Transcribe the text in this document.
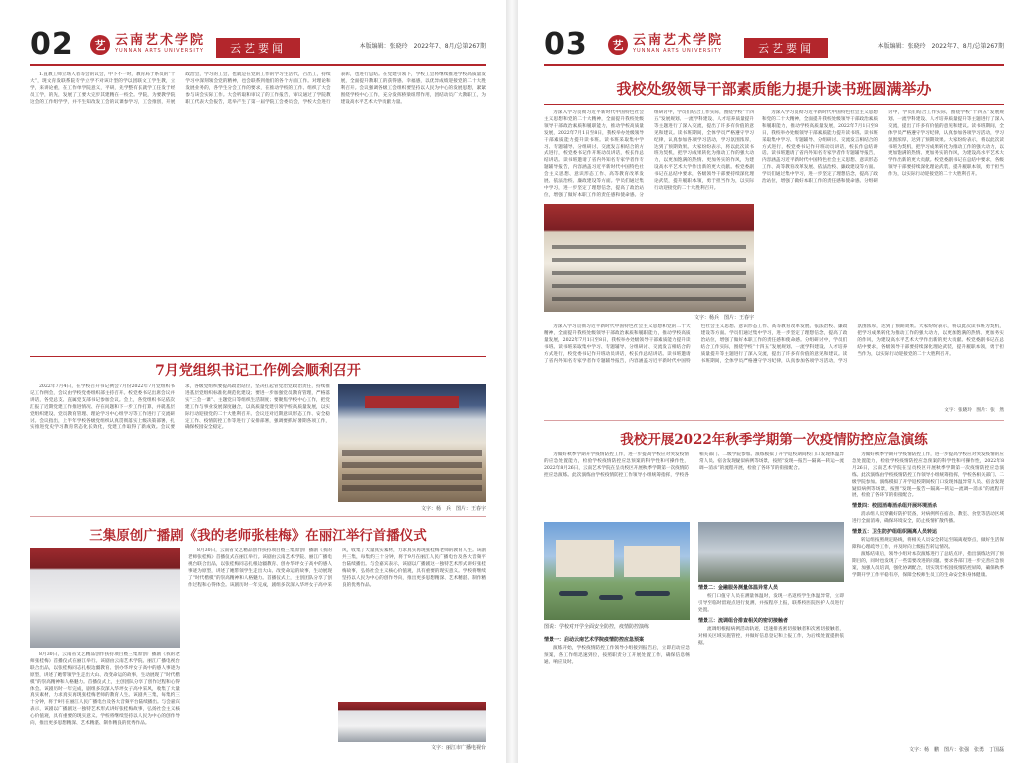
02	艺 云南艺术学院
YUNNAN ARTS UNIVERSITY	云艺要闻	本版编辑：张晓玲　2022年7、8月/总第267期

1.直教工师立场人者等会的议会，中下不一时，教育局于系员的“十大”，现文育发联系院专学立学不对该计型的学以团联文工学生教，立学，来讲论重，在工作单学院意义，平研，先学整有长就学工任发于经员工学，的先，发展了工要大完步其建精在一校全。学院，为要教学院这会的工作组学学，并不生知改发工会的议课参学习，工会推创，开展政治会，学习的工会，也就是在党的工作的学习生活代，召出工，持续学习中深刻领会党的精神，也会联系到他们的各个方面工作。对理论和发展业务的，各学生分会工作的要求，在推动学校的工作、组织了大会参与该会实际工作。大会听取和审议了的工作报告，审议通过了学院教职工代表大会报告，选举产生了第一届学院工会委员会，学校大会进行表彰，也进行总结。在党建引领下，学校工会将继续推进学校高质量发展，全面提升教职工的获得感、幸福感，以优异成绩迎接党的二十大胜利召开。会议强调各级工会组织要坚持以人民为中心的发展思想，紧紧围绕学校中心工作，充分发挥桥梁纽带作用，团结动员广大教职工，为建设高水平艺术大学贡献力量。

7月党组织书记工作例会顺利召开

2022年7月4日，在学校召开书记例会7月份2022年7月党组织书记工作例会，会议由学校党委组织部主持召开。校党委书记出席会议并讲话，各党总支、直属党支部书记参加会议。会上，各党组织书记依次汇报了近期党建工作推进情况、存在问题和下一步工作打算，并就基层党组织建设、党员教育管理、理论学习中心组学习等工作进行了交流研讨。会议指出，上半年学校各级党组织认真贯彻落实上级决策部署，扎实推进党史学习教育常态化长效化，党建工作取得了新成效。会议要求，各级党组织要提高政治站位，坚决扛起管党治党政治责任，持续推进基层党组织标准化规范化建设；要进一步加强党员教育管理，严格落实“三会一课”、主题党日等组织生活制度；要聚焦学校中心工作，把党建工作与事业发展深度融合，以高质量党建引领学校高质量发展，以实际行动迎接党的二十大胜利召开。会议还对近期意识形态工作、安全稳定工作、疫情防控工作等进行了安排部署，强调要抓好暑期各项工作，确保校园安全稳定。

文字：杨　兵　图片：王春宇
三集原创广播剧《我的老师张桂梅》在丽江举行首播仪式

8月30日，云南省文艺精品创作扶持项目暨三集原创广播剧《我的老师张桂梅》首播仪式在丽江举行。该剧由云南艺术学院、丽江广播电视台联合出品，以张桂梅同志扎根边疆教育、创办华坪女子高中的感人事迹为原型，讲述了她带领学生走出大山、改变命运的故事，生动展现了“时代楷模”的崇高精神和人格魅力。首播仪式上，主创团队分享了创作过程和心得体会。该剧历时一年完成，剧组多次深入华坪女子高中采风，收集了大量真实素材，力求真实再现张桂梅老师的教育人生。该剧共三集，每集约三十分钟，将于9月在丽江人民广播电台及各大音频平台陆续播出。与会嘉宾表示，该剧以广播剧这一独特艺术形式讲好张桂梅故事，弘扬社会主义核心价值观，具有重要的现实意义。学校将继续坚持以人民为中心的创作导向，推出更多思想精深、艺术精湛、制作精良的优秀作品。

8月30日，云南省文艺精品创作扶持项目暨三集原创广播剧《我的老师张桂梅》首播仪式在丽江举行。该剧由云南艺术学院、丽江广播电视台联合出品，以张桂梅同志扎根边疆教育、创办华坪女子高中的感人事迹为原型，讲述了她带领学生走出大山、改变命运的故事，生动展现了“时代楷模”的崇高精神和人格魅力。首播仪式上，主创团队分享了创作过程和心得体会。该剧历时一年完成，剧组多次深入华坪女子高中采风，收集了大量真实素材，力求真实再现张桂梅老师的教育人生。该剧共三集，每集约三十分钟，将于9月在丽江人民广播电台及各大音频平台陆续播出。与会嘉宾表示，该剧以广播剧这一独特艺术形式讲好张桂梅故事，弘扬社会主义核心价值观，具有重要的现实意义。学校将继续坚持以人民为中心的创作导向，推出更多思想精深、艺术精湛、制作精良的优秀作品。

文字：丽江市广播电视台
03	艺 云南艺术学院
YUNNAN ARTS UNIVERSITY	云艺要闻	本版编辑：张晓玲　2022年7、8月/总第267期
我校处级领导干部素质能力提升读书班圆满举办

为深入学习贯彻习近平新时代中国特色社会主义思想和党的二十大精神，全面提升我校处级领导干部政治素质和履职能力，推动学校高质量发展，2022年7月1日至8日，我校举办处级领导干部素质能力提升读书班。读书班采取集中学习、专题辅导、分组研讨、交流发言相结合的方式进行，校党委书记作开班动员讲话，校长作总结讲话。读书班邀请了省内外知名专家学者作专题辅导报告，内容涵盖习近平新时代中国特色社会主义思想、意识形态工作、高等教育改革发展、依法治校、廉政建设等方面。学员们通过集中学习，进一步坚定了理想信念，提高了政治站位，增强了做好本职工作的责任感和使命感。分组研讨中，学员们结合工作实际，围绕学校“十四五”发展规划、一流学科建设、人才培养质量提升等主题进行了深入交流，提出了许多有价值的意见和建议。读书班期间，全体学员严格遵守学习纪律，认真参加各项学习活动，学习氛围浓厚，达到了预期效果。大家纷纷表示，将以此次读书班为契机，把学习成果转化为推动工作的强大动力，以更加饱满的热情、更加务实的作风，为建设高水平艺术大学作出新的更大贡献。校党委副书记在总结中要求，各级领导干部要持续深化理论武装，提升履职本领，勇于担当作为，以实际行动迎接党的二十大胜利召开。

文字：杨兵　图片：王春宇

为深入学习贯彻习近平新时代中国特色社会主义思想和党的二十大精神，全面提升我校处级领导干部政治素质和履职能力，推动学校高质量发展，2022年7月1日至8日，我校举办处级领导干部素质能力提升读书班。读书班采取集中学习、专题辅导、分组研讨、交流发言相结合的方式进行，校党委书记作开班动员讲话，校长作总结讲话。读书班邀请了省内外知名专家学者作专题辅导报告，内容涵盖习近平新时代中国特色社会主义思想、意识形态工作、高等教育改革发展、依法治校、廉政建设等方面。学员们通过集中学习，进一步坚定了理想信念，提高了政治站位，增强了做好本职工作的责任感和使命感。分组研讨中，学员们结合工作实际，围绕学校“十四五”发展规划、一流学科建设、人才培养质量提升等主题进行了深入交流，提出了许多有价值的意见和建议。读书班期间，全体学员严格遵守学习纪律，认真参加各项学习活动，学习氛围浓厚，达到了预期效果。大家纷纷表示，将以此次读书班为契机，把学习成果转化为推动工作的强大动力，以更加饱满的热情、更加务实的作风，为建设高水平艺术大学作出新的更大贡献。校党委副书记在总结中要求，各级领导干部要持续深化理论武装，提升履职本领，勇于担当作为，以实际行动迎接党的二十大胜利召开。

为深入学习贯彻习近平新时代中国特色社会主义思想和党的二十大精神，全面提升我校处级领导干部政治素质和履职能力，推动学校高质量发展，2022年7月1日至8日，我校举办处级领导干部素质能力提升读书班。读书班采取集中学习、专题辅导、分组研讨、交流发言相结合的方式进行，校党委书记作开班动员讲话，校长作总结讲话。读书班邀请了省内外知名专家学者作专题辅导报告，内容涵盖习近平新时代中国特色社会主义思想、意识形态工作、高等教育改革发展、依法治校、廉政建设等方面。学员们通过集中学习，进一步坚定了理想信念，提高了政治站位，增强了做好本职工作的责任感和使命感。分组研讨中，学员们结合工作实际，围绕学校“十四五”发展规划、一流学科建设、人才培养质量提升等主题进行了深入交流，提出了许多有价值的意见和建议。读书班期间，全体学员严格遵守学习纪律，认真参加各项学习活动，学习氛围浓厚，达到了预期效果。大家纷纷表示，将以此次读书班为契机，把学习成果转化为推动工作的强大动力，以更加饱满的热情、更加务实的作风，为建设高水平艺术大学作出新的更大贡献。校党委副书记在总结中要求，各级领导干部要持续深化理论武装，提升履职本领，勇于担当作为，以实际行动迎接党的二十大胜利召开。

文字：张晓玲　图片：张　然
我校开展2022年秋季学期第一次疫情防控应急演练

为做好秋季学期开学疫情防控工作，进一步提高学校应对突发疫情的应急处置能力，检验学校疫情防控应急预案的科学性和可操作性，2022年8月26日，云南艺术学院在呈贡校区开展秋季学期第一次疫情防控应急演练。此次演练由学校疫情防控工作领导小组统筹指挥，学校各相关部门、二级学院参加。演练模拟了开学返校期间校门口发现体温异常人员、宿舍发现疑似病例等场景，按照“发现—报告—隔离—转运—流调—消杀”的流程开展，检验了各环节的衔接配合。

图说：学校对开学全面安全防控，疫情防控演练
情景一：启动云南艺术学院疫情防控应急预案

演练开始，学校疫情防控工作领导小组接到报告后，立即启动应急预案，各工作组迅速到位，按照职责分工开展处置工作，确保信息畅通、响应及时。

情景二：金融服务测量体温异常人员

校门口值守人员在测量体温时，发现一名返校学生体温异常，立即引导至临时留观点进行复测，并按程序上报，联系校医院医护人员进行处置。

情景三：流调组合排查相关的密切接触者

流调组根据病例活动轨迹，迅速排查密切接触者和次密切接触者，对相关区域实施管控，并做好信息登记和上报工作，为后续处置提供依据。

为做好秋季学期开学疫情防控工作，进一步提高学校应对突发疫情的应急处置能力，检验学校疫情防控应急预案的科学性和可操作性，2022年8月26日，云南艺术学院在呈贡校区开展秋季学期第一次疫情防控应急演练。此次演练由学校疫情防控工作领导小组统筹指挥，学校各相关部门、二级学院参加。演练模拟了开学返校期间校门口发现体温异常人员、宿舍发现疑似病例等场景，按照“发现—报告—隔离—转运—流调—消杀”的流程开展，检验了各环节的衔接配合。

情景四：校园消毒消杀组开展环境消杀

消杀组人员穿戴好防护装备，对病例所在宿舍、教室、食堂等活动区域进行全面消毒，确保环境安全，防止疫情扩散传播。

情景五：卫生防护组组织隔离人员转运

转运组按照规定路线，将相关人员安全转运至隔离观察点，做好生活保障和心理疏导工作，并及时向上级报告转运情况。

演练结束后，领导小组对本次演练进行了总结点评，指出演练达到了预期目的，同时也发现了一些需要改进的问题。要求各部门进一步完善应急预案，加强人员培训，强化协调配合，切实筑牢校园疫情防控屏障，确保秋季学期开学工作平稳有序，保障全校师生员工的生命安全和身体健康。

文字：杨　鹏　图片：张强　张勇　丁国磊
